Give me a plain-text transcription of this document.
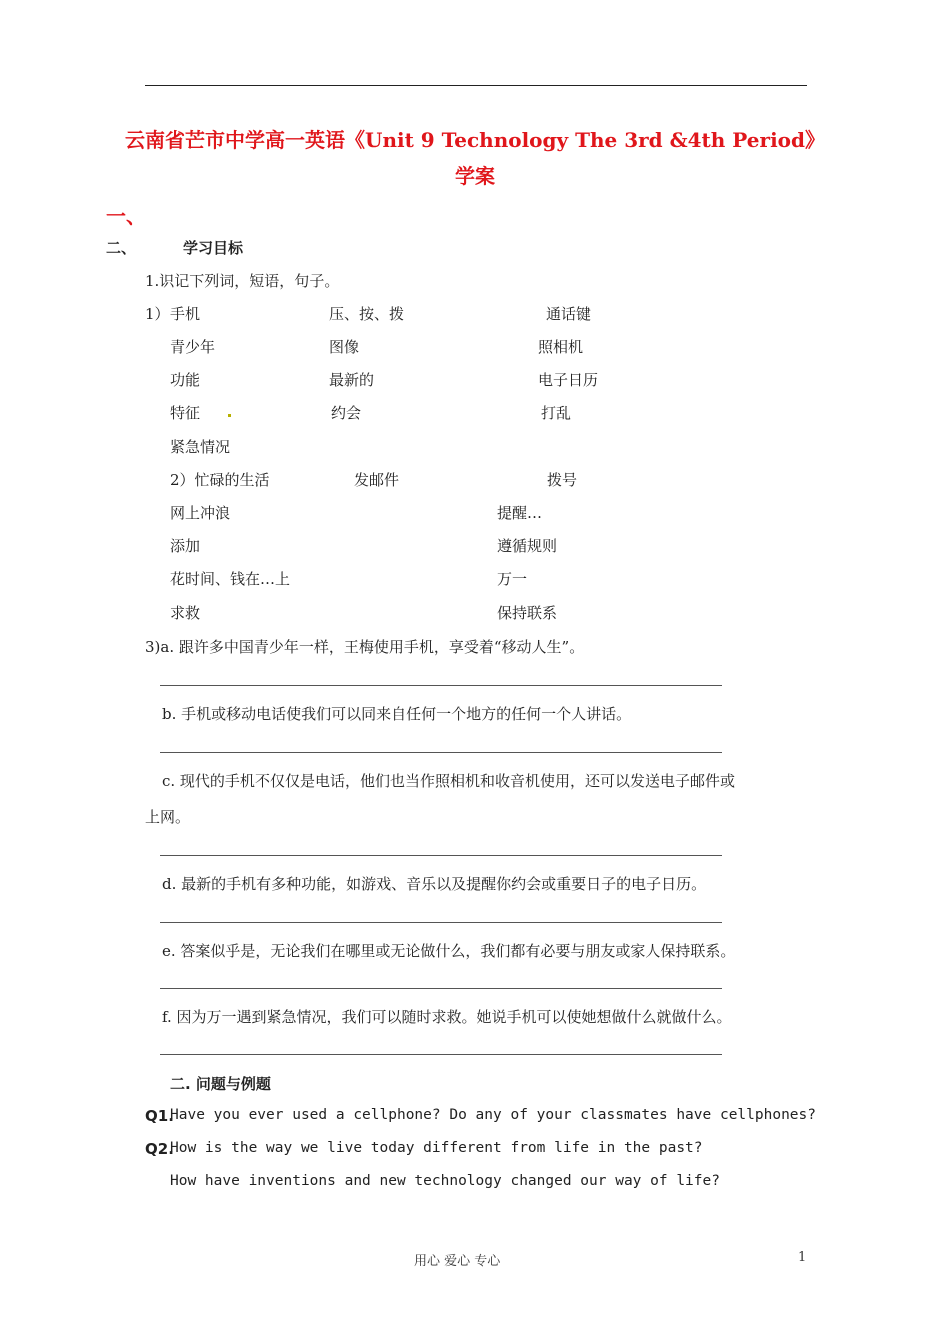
云南省芒市中学高一英语《Unit 9 Technology The 3rd &4th Period》
学案
一、
二、	学习目标
1.识记下列词，短语，句子。
1） 手机	压、按、拨	通话键
青少年	图像	照相机
功能	最新的	电子日历
特征	约会	打乱
紧急情况
2）忙碌的生活	发邮件	拨号
网上冲浪	提醒…
添加	遵循规则
花时间、钱在…上	万一
求救	保持联系
3)a. 跟许多中国青少年一样，王梅使用手机，享受着“移动人生”。
b. 手机或移动电话使我们可以同来自任何一个地方的任何一个人讲话。
c. 现代的手机不仅仅是电话，他们也当作照相机和收音机使用，还可以发送电子邮件或
上网。
d. 最新的手机有多种功能，如游戏、音乐以及提醒你约会或重要日子的电子日历。
e. 答案似乎是，无论我们在哪里或无论做什么，我们都有必要与朋友或家人保持联系。
f. 因为万一遇到紧急情况，我们可以随时求救。她说手机可以使她想做什么就做什么。
二. 问题与例题
Q1.
Have you ever used a cellphone? Do any of your classmates have cellphones?
Q2.
How is the way we live today different from life in the past?
How have inventions and new technology changed our way of life?
用心 爱心 专心	1
